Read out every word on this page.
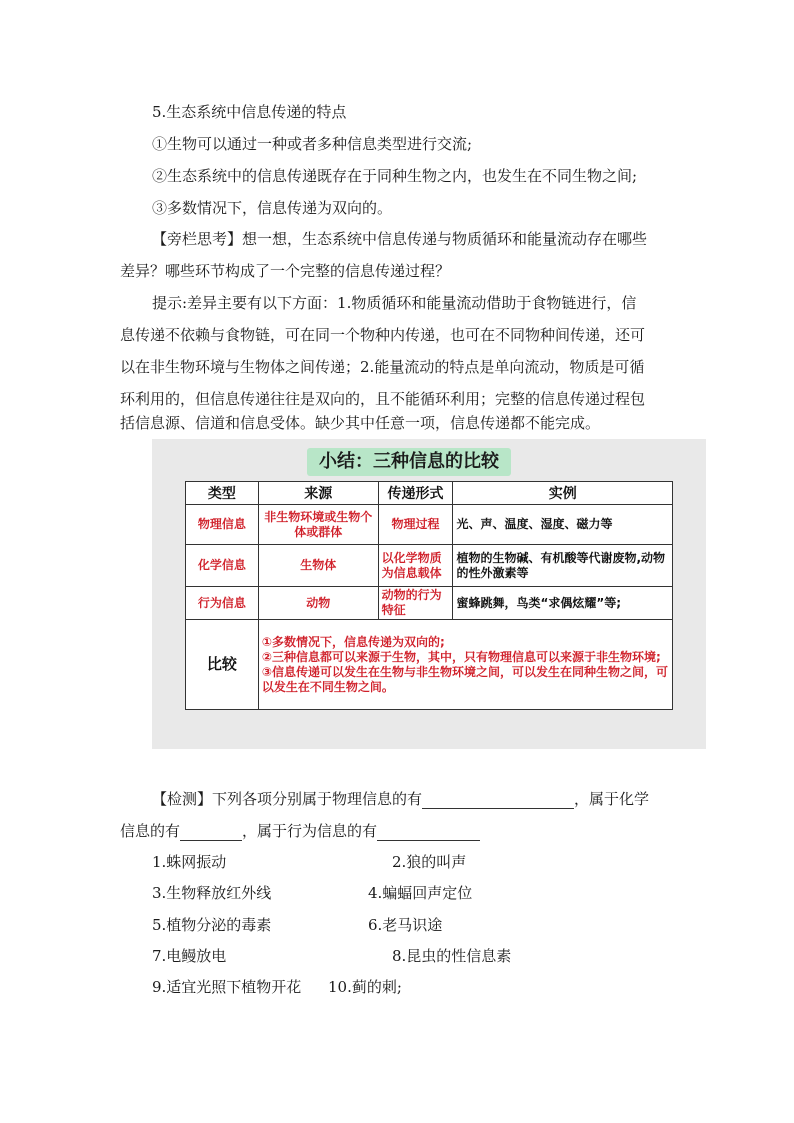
5.生态系统中信息传递的特点
①生物可以通过一种或者多种信息类型进行交流;
②生态系统中的信息传递既存在于同种生物之内，也发生在不同生物之间;
③多数情况下，信息传递为双向的。
【旁栏思考】想一想，生态系统中信息传递与物质循环和能量流动存在哪些
差异？哪些环节构成了一个完整的信息传递过程？
提示:差异主要有以下方面：1.物质循环和能量流动借助于食物链进行，信
息传递不依赖与食物链，可在同一个物种内传递，也可在不同物种间传递，还可
以在非生物环境与生物体之间传递；2.能量流动的特点是单向流动，物质是可循
环利用的，但信息传递往往是双向的，且不能循环利用；完整的信息传递过程包
括信息源、信道和信息受体。缺少其中任意一项，信息传递都不能完成。
小结：三种信息的比较
类型	来源	传递形式	实例
物理信息	非生物环境或生物个体或群体	物理过程	光、声、温度、湿度、磁力等
化学信息	生物体	以化学物质为信息载体	植物的生物碱、有机酸等代谢废物,动物的性外激素等
行为信息	动物	动物的行为特征	蜜蜂跳舞，鸟类“求偶炫耀”等;
比较	①多数情况下，信息传递为双向的;
②三种信息都可以来源于生物，其中，只有物理信息可以来源于非生物环境;
③信息传递可以发生在生物与非生物环境之间，可以发生在同种生物之间，可以发生在不同生物之间。		
【检测】下列各项分别属于物理信息的有	，属于化学
信息的有	，属于行为信息的有
1.蛛网振动	2.狼的叫声
3.生物释放红外线	4.蝙蝠回声定位
5.植物分泌的毒素	6.老马识途
7.电鳗放电	8.昆虫的性信息素
9.适宜光照下植物开花 10.蓟的刺;
